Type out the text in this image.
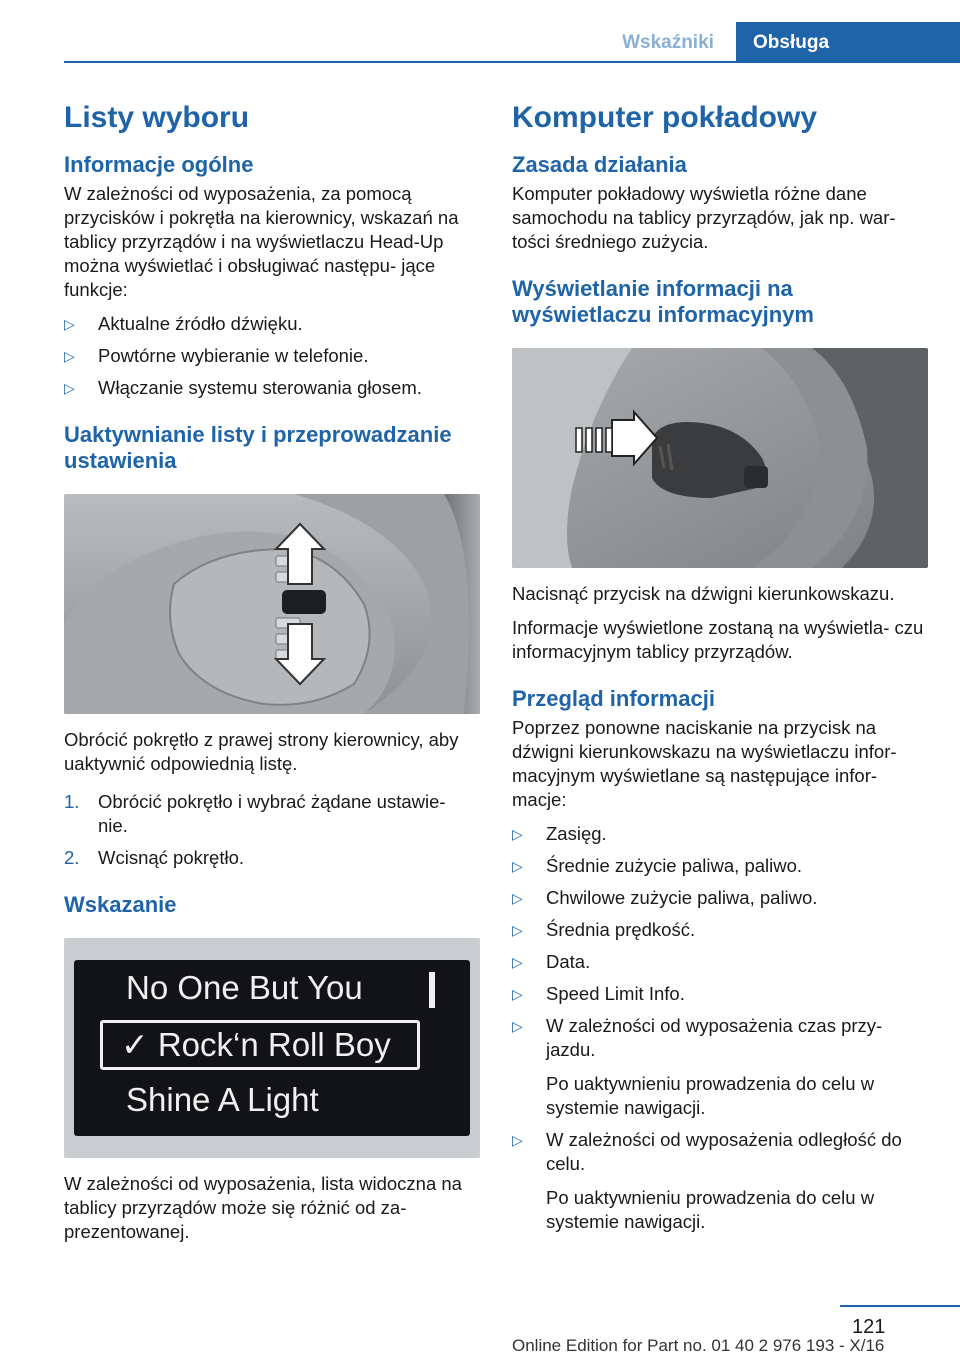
Wskaźniki	Obsługa
Listy wyboru
Informacje ogólne
W zależności od wyposażenia, za pomocą przycisków i pokrętła na kierownicy, wskazań na tablicy przyrządów i na wyświetlaczu Head-Up można wyświetlać i obsługiwać następu‐ jące funkcje:
▷ Aktualne źródło dźwięku.
▷ Powtórne wybieranie w telefonie.
▷ Włączanie systemu sterowania głosem.
Uaktywnianie listy i przeprowadzanie ustawienia
Obrócić pokrętło z prawej strony kierownicy, aby uaktywnić odpowiednią listę.
1. Obrócić pokrętło i wybrać żądane ustawie‐ nie.
2. Wcisnąć pokrętło.
Wskazanie
No One But You
✓ Rock‘n Roll Boy
Shine A Light
W zależności od wyposażenia, lista widoczna na tablicy przyrządów może się różnić od za‐ prezentowanej.
Komputer pokładowy
Zasada działania
Komputer pokładowy wyświetla różne dane samochodu na tablicy przyrządów, jak np. war‐ tości średniego zużycia.
Wyświetlanie informacji na wyświetlaczu informacyjnym
Nacisnąć przycisk na dźwigni kierunkowskazu.
Informacje wyświetlone zostaną na wyświetla‐ czu informacyjnym tablicy przyrządów.
Przegląd informacji
Poprzez ponowne naciskanie na przycisk na dźwigni kierunkowskazu na wyświetlaczu infor‐ macyjnym wyświetlane są następujące infor‐ macje:
▷ Zasięg.
▷ Średnie zużycie paliwa, paliwo.
▷ Chwilowe zużycie paliwa, paliwo.
▷ Średnia prędkość.
▷ Data.
▷ Speed Limit Info.
▷ W zależności od wyposażenia czas przy‐ jazdu.
Po uaktywnieniu prowadzenia do celu w systemie nawigacji.
▷ W zależności od wyposażenia odległość do celu.
Po uaktywnieniu prowadzenia do celu w systemie nawigacji.
121
Online Edition for Part no. 01 40 2 976 193 - X/16
